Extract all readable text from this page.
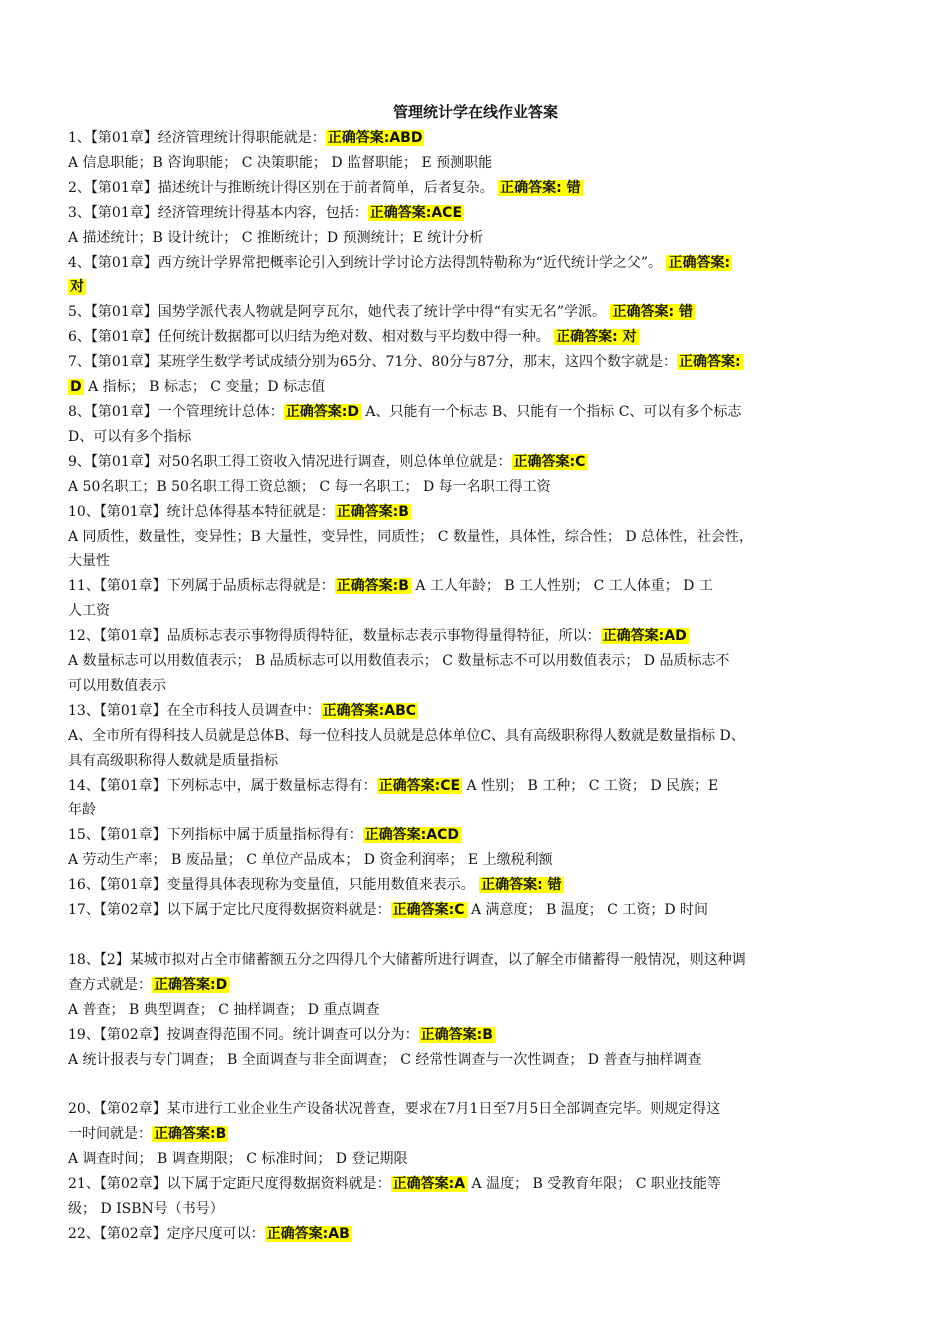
管理统计学在线作业答案
1、【第01章】经济管理统计得职能就是： 正确答案:ABD
A 信息职能；B 咨询职能； C 决策职能； D 监督职能； E 预测职能
2、【第01章】描述统计与推断统计得区别在于前者简单，后者复杂。 正确答案: 错
3、【第01章】经济管理统计得基本内容，包括： 正确答案:ACE
A 描述统计；B 设计统计； C 推断统计；D 预测统计；E 统计分析
4、【第01章】西方统计学界常把概率论引入到统计学讨论方法得凯特勒称为“近代统计学之父”。 正确答案:
对
5、【第01章】国势学派代表人物就是阿亨瓦尔，她代表了统计学中得“有实无名”学派。 正确答案: 错
6、【第01章】任何统计数据都可以归结为绝对数、相对数与平均数中得一种。 正确答案: 对
7、【第01章】某班学生数学考试成绩分别为65分、71分、80分与87分，那末，这四个数字就是： 正确答案:
D A 指标； B 标志； C 变量；D 标志值
8、【第01章】一个管理统计总体： 正确答案:D A、只能有一个标志 B、只能有一个指标 C、可以有多个标志
D、可以有多个指标
9、【第01章】对50名职工得工资收入情况进行调查，则总体单位就是： 正确答案:C
A 50名职工；B 50名职工得工资总额； C 每一名职工； D 每一名职工得工资
10、【第01章】统计总体得基本特征就是： 正确答案:B
A 同质性，数量性，变异性；B 大量性，变异性，同质性； C 数量性，具体性，综合性； D 总体性，社会性，
大量性
11、【第01章】下列属于品质标志得就是： 正确答案:B A 工人年龄； B 工人性别； C 工人体重； D 工
人工资
12、【第01章】品质标志表示事物得质得特征，数量标志表示事物得量得特征，所以： 正确答案:AD
A 数量标志可以用数值表示； B 品质标志可以用数值表示； C 数量标志不可以用数值表示； D 品质标志不
可以用数值表示
13、【第01章】在全市科技人员调查中： 正确答案:ABC
A、全市所有得科技人员就是总体B、每一位科技人员就是总体单位C、具有高级职称得人数就是数量指标 D、
具有高级职称得人数就是质量指标
14、【第01章】下列标志中，属于数量标志得有： 正确答案:CE A 性别； B 工种； C 工资； D 民族；E
年龄
15、【第01章】下列指标中属于质量指标得有： 正确答案:ACD
A 劳动生产率； B 废品量； C 单位产品成本； D 资金利润率； E 上缴税利额
16、【第01章】变量得具体表现称为变量值，只能用数值来表示。 正确答案: 错
17、【第02章】以下属于定比尺度得数据资料就是： 正确答案:C A 满意度； B 温度； C 工资；D 时间
18、【2】某城市拟对占全市储蓄额五分之四得几个大储蓄所进行调查，以了解全市储蓄得一般情况，则这种调
查方式就是： 正确答案:D
A 普查； B 典型调查； C 抽样调查； D 重点调查
19、【第02章】按调查得范围不同。统计调查可以分为： 正确答案:B
A 统计报表与专门调查； B 全面调查与非全面调查； C 经常性调查与一次性调查； D 普查与抽样调查
20、【第02章】某市进行工业企业生产设备状况普查，要求在7月1日至7月5日全部调查完毕。则规定得这
一时间就是： 正确答案:B
A 调查时间； B 调查期限； C 标准时间； D 登记期限
21、【第02章】以下属于定距尺度得数据资料就是： 正确答案:A A 温度； B 受教育年限； C 职业技能等
级； D ISBN号（书号）
22、【第02章】定序尺度可以： 正确答案:AB
